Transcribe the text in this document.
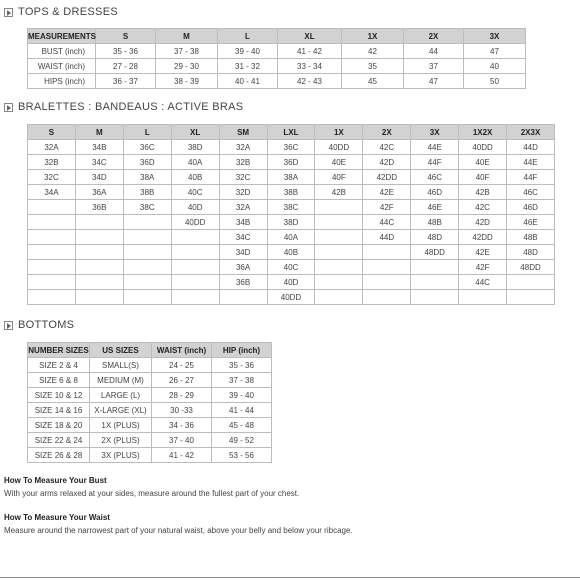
TOPS & DRESSES
MEASUREMENTS	S	M	L	XL	1X	2X	3X
BUST (inch)	35 - 36	37 - 38	39 - 40	41 - 42	42	44	47
WAIST (inch)	27 - 28	29 - 30	31 - 32	33 - 34	35	37	40
HIPS (inch)	36 - 37	38 - 39	40 - 41	42 - 43	45	47	50
BRALETTES : BANDEAUS : ACTIVE BRAS
S	M	L	XL	SM	LXL	1X	2X	3X	1X2X	2X3X
32A	34B	36C	38D	32A	36C	40DD	42C	44E	40DD	44D
32B	34C	36D	40A	32B	36D	40E	42D	44F	40E	44E
32C	34D	38A	40B	32C	38A	40F	42DD	46C	40F	44F
34A	36A	38B	40C	32D	38B	42B	42E	46D	42B	46C
	36B	38C	40D	32A	38C		42F	46E	42C	46D
			40DD	34B	38D		44C	48B	42D	46E
				34C	40A		44D	48D	42DD	48B
				34D	40B			48DD	42E	48D
				36A	40C				42F	48DD
				36B	40D				44C	
					40DD					
BOTTOMS
NUMBER SIZES	US SIZES	WAIST (inch)	HIP (inch)
SIZE 2 & 4	SMALL(S)	24 - 25	35 - 36
SIZE 6 & 8	MEDIUM (M)	26 - 27	37 - 38
SIZE 10 & 12	LARGE (L)	28 - 29	39 - 40
SIZE 14 & 16	X-LARGE (XL)	30 -33	41 - 44
SIZE 18 & 20	1X (PLUS)	34 - 36	45 - 48
SIZE 22 & 24	2X (PLUS)	37 - 40	49 - 52
SIZE 26 & 28	3X (PLUS)	41 - 42	53 - 56
How To Measure Your Bust
With your arms relaxed at your sides, measure around the fullest part of your chest.
How To Measure Your Waist
Measure around the narrowest part of your natural waist, above your belly and below your ribcage.
